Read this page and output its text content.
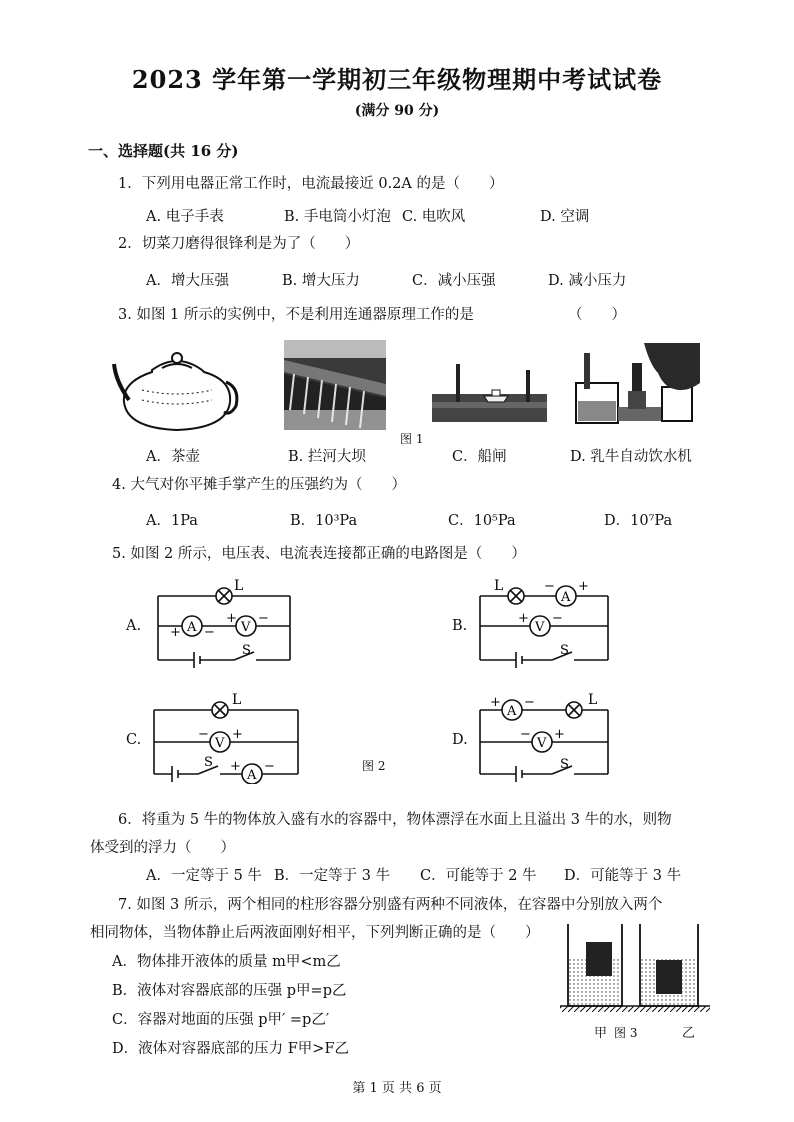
2023 学年第一学期初三年级物理期中考试试卷
(满分 90 分)
一、选择题(共 16 分)
1．下列用电器正常工作时，电流最接近 0.2A 的是（　　）
A. 电子手表	B. 手电筒小灯泡 C. 电吹风	D. 空调
2．切菜刀磨得很锋利是为了（　　）
A．增大压强	B. 增大压力	C．减小压强	D. 减小压力
3. 如图 1 所示的实例中，不是利用连通器原理工作的是	（　　）
图 1
A．茶壶	B. 拦河大坝	C．船闸	D. 乳牛自动饮水机
4. 大气对你平摊手掌产生的压强约为（　　）
A．1Pa	B．10³Pa	C．10⁵Pa	D．10⁷Pa
5. 如图 2 所示，电压表、电流表连接都正确的电路图是（　　）
A.
L
A	V
+ −
+ −
S
B.
L
A
V
− +
+ −
S
C.
L
V
A
− +
+ −
S	图 2
D.
A
V
L
+ −
− +
S
6．将重为 5 牛的物体放入盛有水的容器中，物体漂浮在水面上且溢出 3 牛的水，则物
体受到的浮力（　　）
A．一定等于 5 牛 B．一定等于 3 牛 C．可能等于 2 牛 D．可能等于 3 牛
7. 如图 3 所示，两个相同的柱形容器分别盛有两种不同液体，在容器中分别放入两个
相同物体，当物体静止后两液面刚好相平，下列判断正确的是（　　）
A．物体排开液体的质量 m甲<m乙
B．液体对容器底部的压强 p甲=p乙
C．容器对地面的压强 p甲′ =p乙′
D．液体对容器底部的压力 F甲>F乙
甲 图 3	乙
第 1 页 共 6 页
